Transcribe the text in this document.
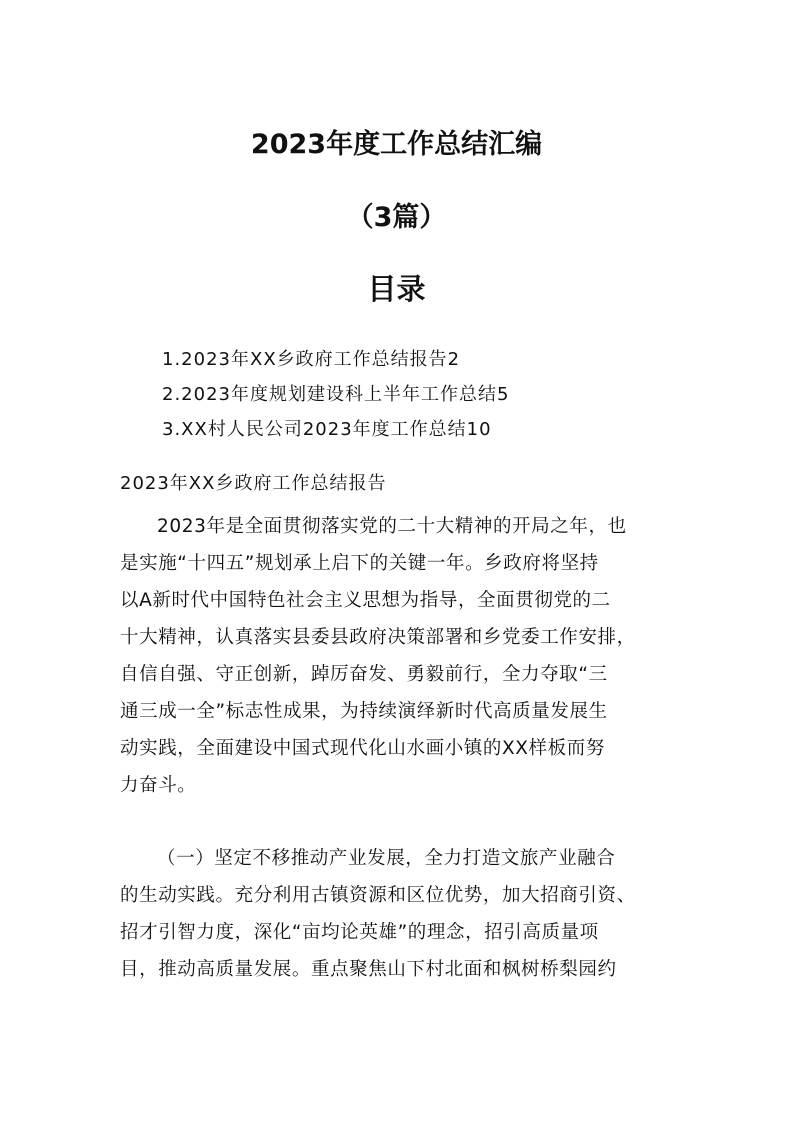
2023年度工作总结汇编
（3篇）
目录
1.2023年XX乡政府工作总结报告2
2.2023年度规划建设科上半年工作总结5
3.XX村人民公司2023年度工作总结10

2023年XX乡政府工作总结报告

2023年是全面贯彻落实党的二十大精神的开局之年，也
是实施“十四五”规划承上启下的关键一年。乡政府将坚持
以A新时代中国特色社会主义思想为指导，全面贯彻党的二
十大精神，认真落实县委县政府决策部署和乡党委工作安排，
自信自强、守正创新，踔厉奋发、勇毅前行，全力夺取“三
通三成一全”标志性成果，为持续演绎新时代高质量发展生
动实践，全面建设中国式现代化山水画小镇的XX样板而努
力奋斗。

（一）坚定不移推动产业发展，全力打造文旅产业融合
的生动实践。充分利用古镇资源和区位优势，加大招商引资、
招才引智力度，深化“亩均论英雄”的理念，招引高质量项
目，推动高质量发展。重点聚焦山下村北面和枫树桥梨园约
